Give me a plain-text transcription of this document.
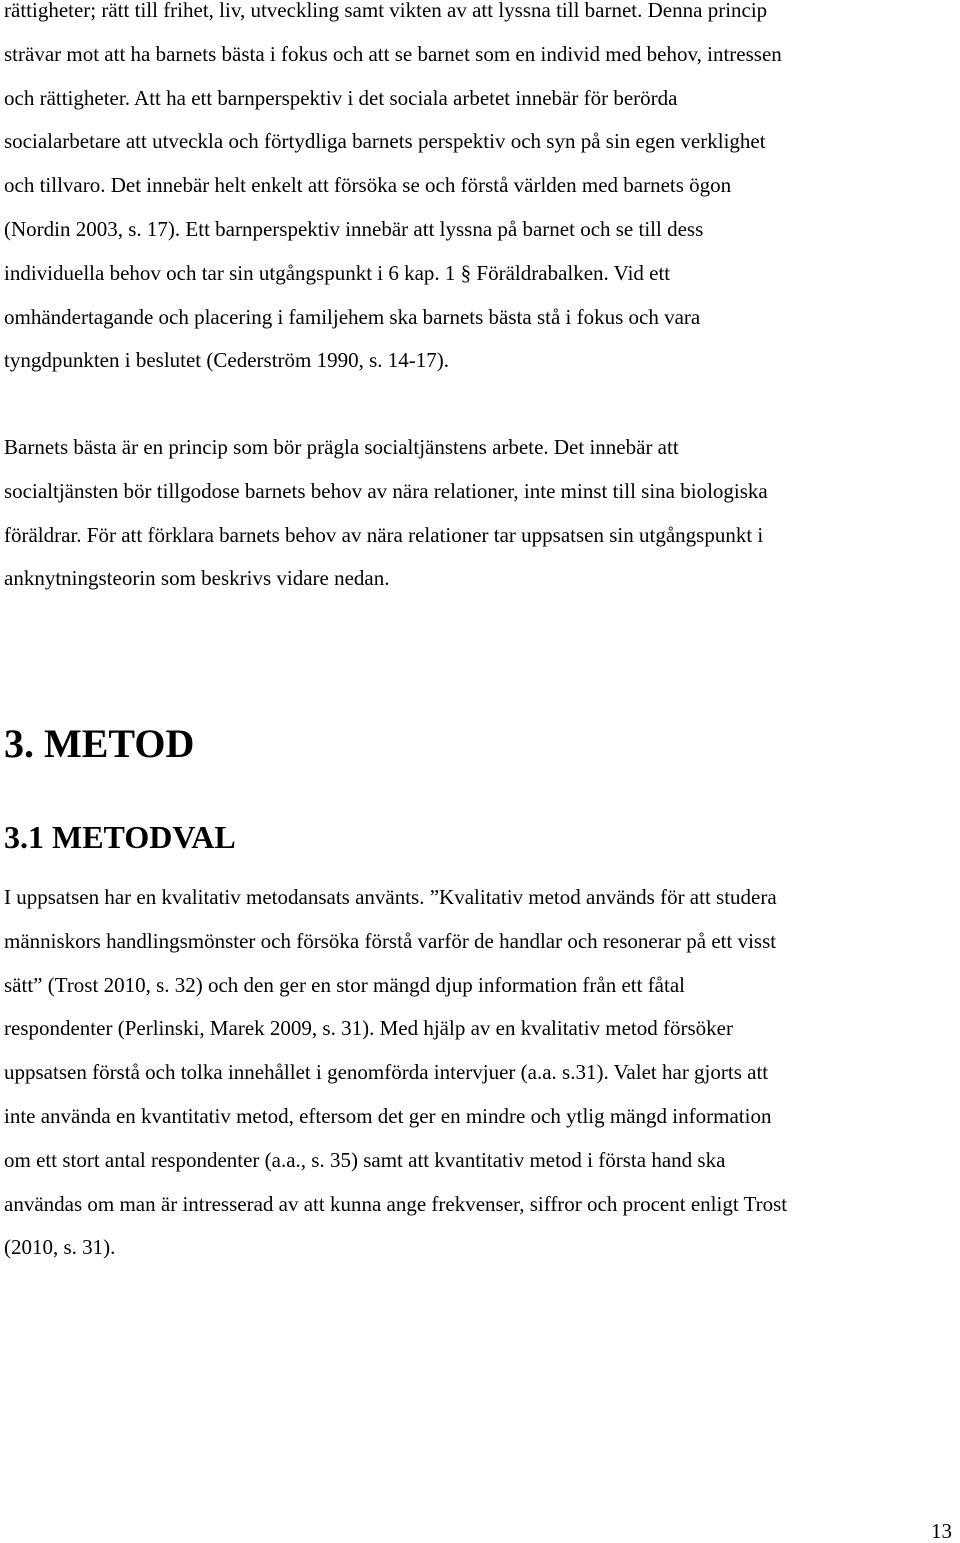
rättigheter; rätt till frihet, liv, utveckling samt vikten av att lyssna till barnet. Denna princip
strävar mot att ha barnets bästa i fokus och att se barnet som en individ med behov, intressen
och rättigheter. Att ha ett barnperspektiv i det sociala arbetet innebär för berörda
socialarbetare att utveckla och förtydliga barnets perspektiv och syn på sin egen verklighet
och tillvaro. Det innebär helt enkelt att försöka se och förstå världen med barnets ögon
(Nordin 2003, s. 17). Ett barnperspektiv innebär att lyssna på barnet och se till dess
individuella behov och tar sin utgångspunkt i 6 kap. 1 § Föräldrabalken. Vid ett
omhändertagande och placering i familjehem ska barnets bästa stå i fokus och vara
tyngdpunkten i beslutet (Cederström 1990, s. 14-17).

Barnets bästa är en princip som bör prägla socialtjänstens arbete. Det innebär att
socialtjänsten bör tillgodose barnets behov av nära relationer, inte minst till sina biologiska
föräldrar. För att förklara barnets behov av nära relationer tar uppsatsen sin utgångspunkt i
anknytningsteorin som beskrivs vidare nedan.

3. METOD
3.1 METODVAL

I uppsatsen har en kvalitativ metodansats använts. ”Kvalitativ metod används för att studera
människors handlingsmönster och försöka förstå varför de handlar och resonerar på ett visst
sätt” (Trost 2010, s. 32) och den ger en stor mängd djup information från ett fåtal
respondenter (Perlinski, Marek 2009, s. 31). Med hjälp av en kvalitativ metod försöker
uppsatsen förstå och tolka innehållet i genomförda intervjuer (a.a. s.31). Valet har gjorts att
inte använda en kvantitativ metod, eftersom det ger en mindre och ytlig mängd information
om ett stort antal respondenter (a.a., s. 35) samt att kvantitativ metod i första hand ska
användas om man är intresserad av att kunna ange frekvenser, siffror och procent enligt Trost
(2010, s. 31).

13
